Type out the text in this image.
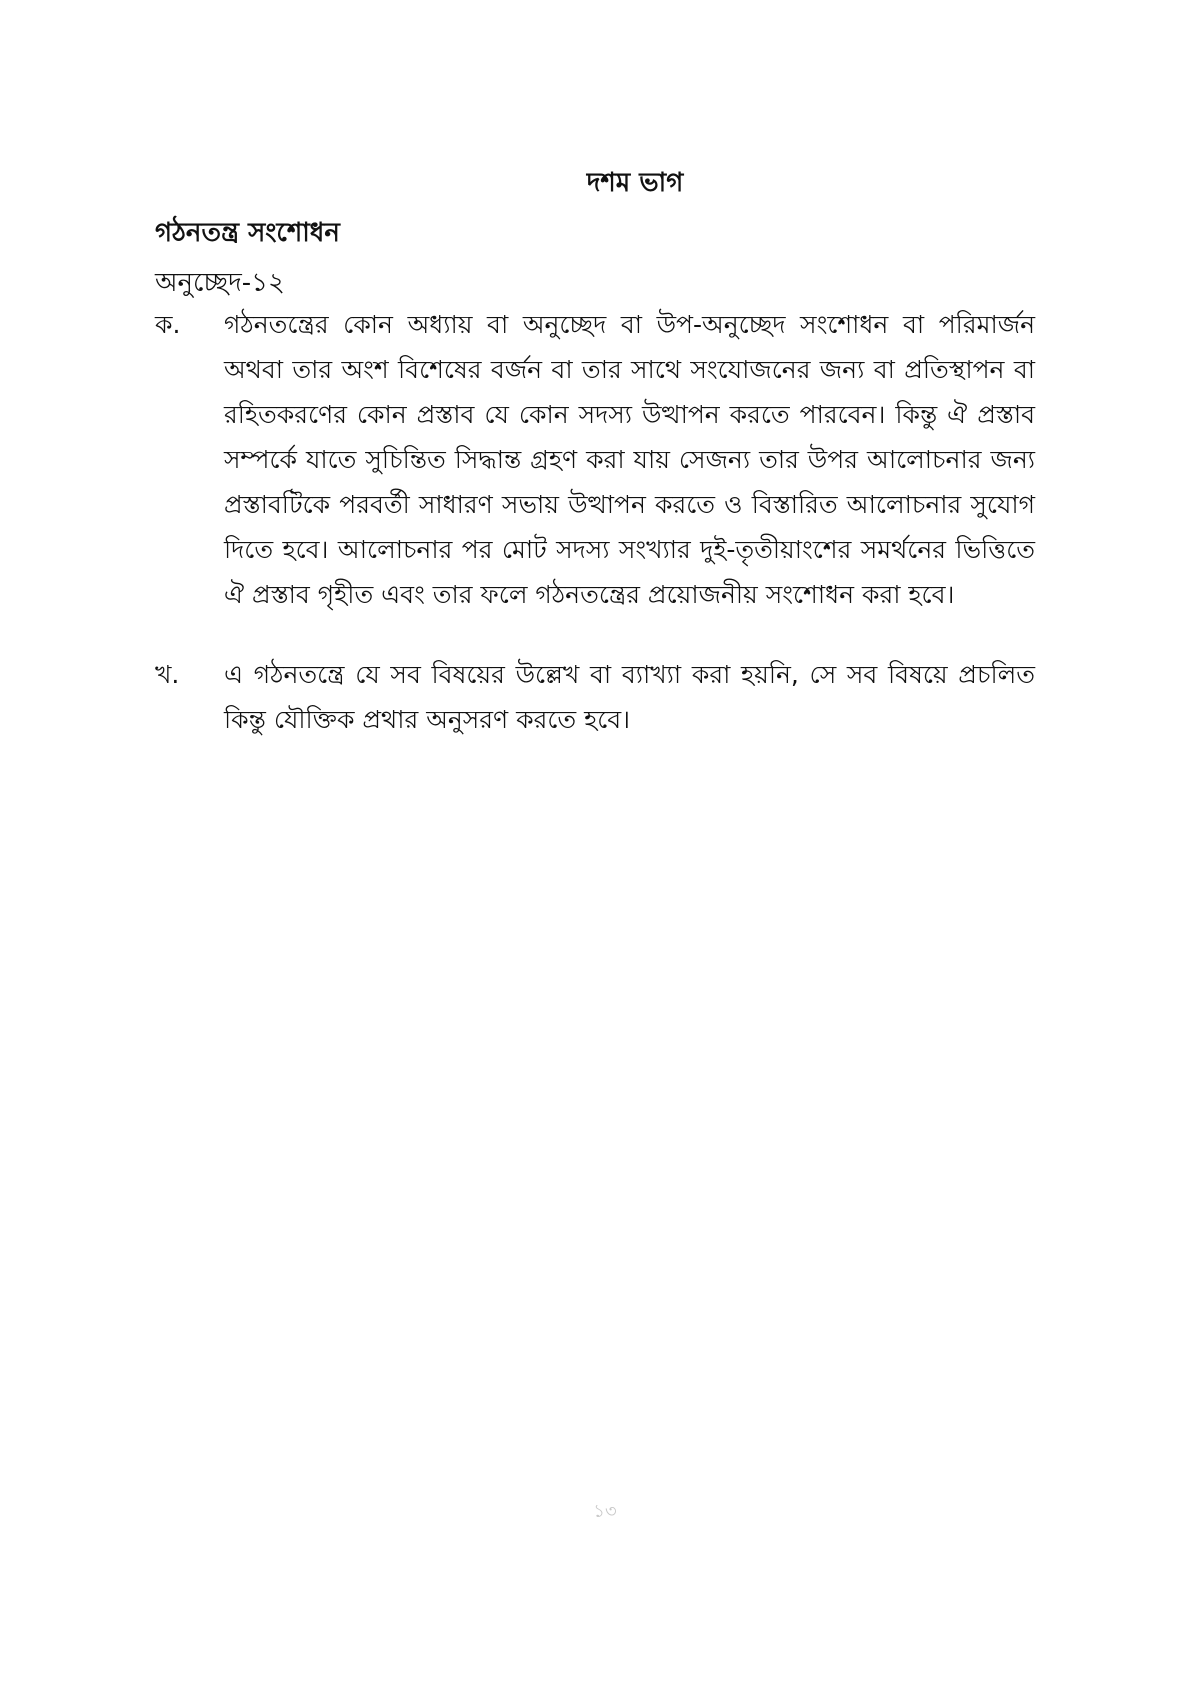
দশম ভাগ
গঠনতন্ত্র সংশোধন
অনুচ্ছেদ-১২
ক.	গঠনতন্ত্রের কোন অধ্যায় বা অনুচ্ছেদ বা উপ-অনুচ্ছেদ সংশোধন বা পরিমার্জন অথবা তার অংশ বিশেষের বর্জন বা তার সাথে সংযোজনের জন্য বা প্রতিস্থাপন বা রহিতকরণের কোন প্রস্তাব যে কোন সদস্য উত্থাপন করতে পারবেন। কিন্তু ঐ প্রস্তাব সম্পর্কে যাতে সুচিন্তিত সিদ্ধান্ত গ্রহণ করা যায় সেজন্য তার উপর আলোচনার জন্য প্রস্তাবটিকে পরবর্তী সাধারণ সভায় উত্থাপন করতে ও বিস্তারিত আলোচনার সুযোগ দিতে হবে। আলোচনার পর মোট সদস্য সংখ্যার দুই-তৃতীয়াংশের সমর্থনের ভিত্তিতে ঐ প্রস্তাব গৃহীত এবং তার ফলে গঠনতন্ত্রের প্রয়োজনীয় সংশোধন করা হবে।
খ.	এ গঠনতন্ত্রে যে সব বিষয়ের উল্লেখ বা ব্যাখ্যা করা হয়নি, সে সব বিষয়ে প্রচলিত কিন্তু যৌক্তিক প্রথার অনুসরণ করতে হবে।
১৩
